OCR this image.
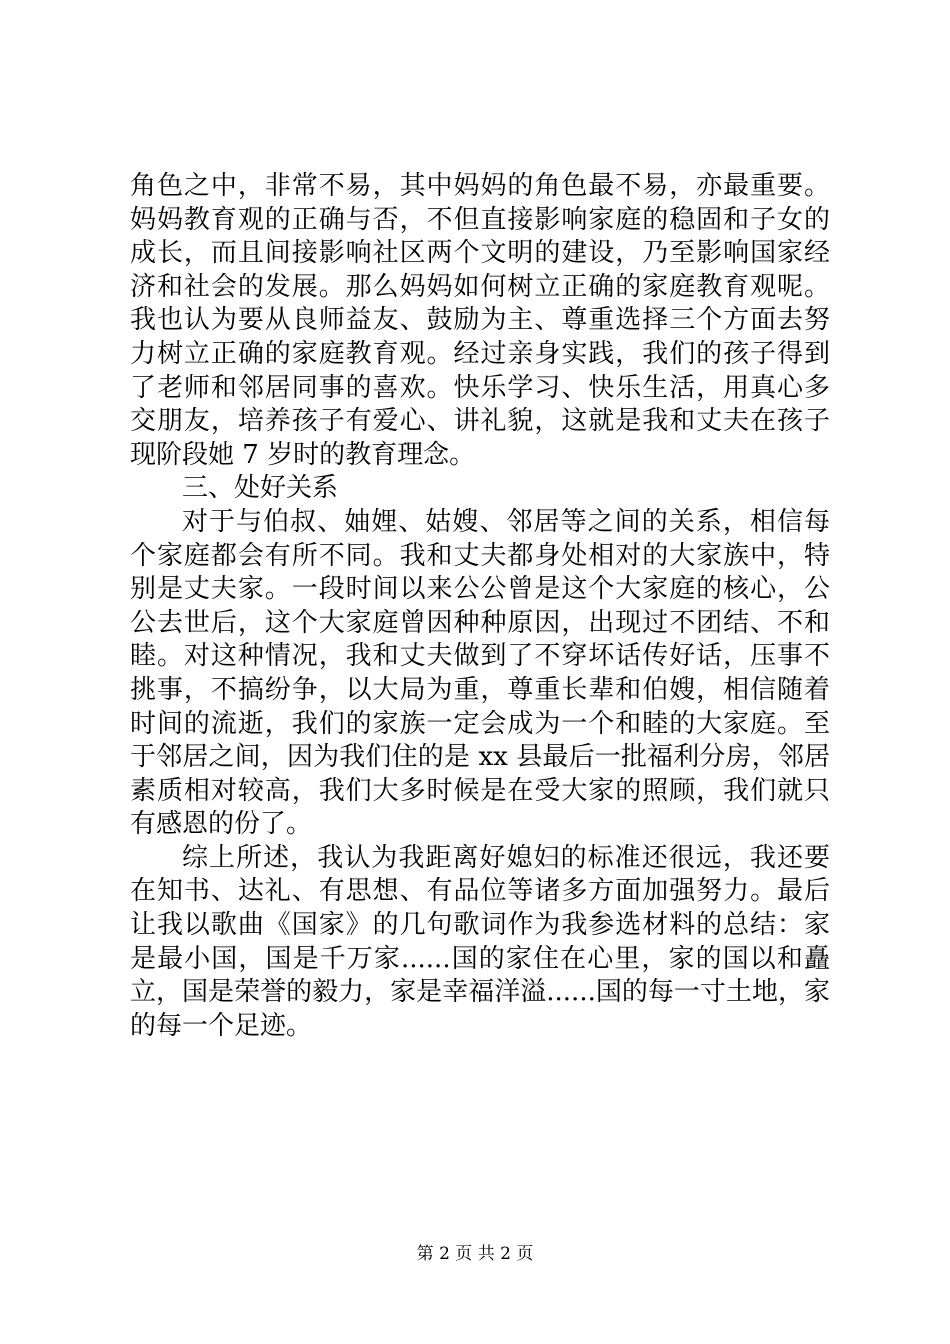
角色之中，非常不易，其中妈妈的角色最不易，亦最重要。妈妈教育观的正确与否，不但直接影响家庭的稳固和子女的成长，而且间接影响社区两个文明的建设，乃至影响国家经济和社会的发展。那么妈妈如何树立正确的家庭教育观呢。我也认为要从良师益友、鼓励为主、尊重选择三个方面去努力树立正确的家庭教育观。经过亲身实践，我们的孩子得到了老师和邻居同事的喜欢。快乐学习、快乐生活，用真心多交朋友，培养孩子有爱心、讲礼貌，这就是我和丈夫在孩子现阶段她 7 岁时的教育理念。

三、处好关系

对于与伯叔、妯娌、姑嫂、邻居等之间的关系，相信每个家庭都会有所不同。我和丈夫都身处相对的大家族中，特别是丈夫家。一段时间以来公公曾是这个大家庭的核心，公公去世后，这个大家庭曾因种种原因，出现过不团结、不和睦。对这种情况，我和丈夫做到了不穿坏话传好话，压事不挑事，不搞纷争，以大局为重，尊重长辈和伯嫂，相信随着时间的流逝，我们的家族一定会成为一个和睦的大家庭。至于邻居之间，因为我们住的是 xx 县最后一批福利分房，邻居素质相对较高，我们大多时候是在受大家的照顾，我们就只有感恩的份了。

综上所述，我认为我距离好媳妇的标准还很远，我还要在知书、达礼、有思想、有品位等诸多方面加强努力。最后让我以歌曲《国家》的几句歌词作为我参选材料的总结：家是最小国，国是千万家......国的家住在心里，家的国以和矗立，国是荣誉的毅力，家是幸福洋溢......国的每一寸土地，家的每一个足迹。

第 2 页 共 2 页
